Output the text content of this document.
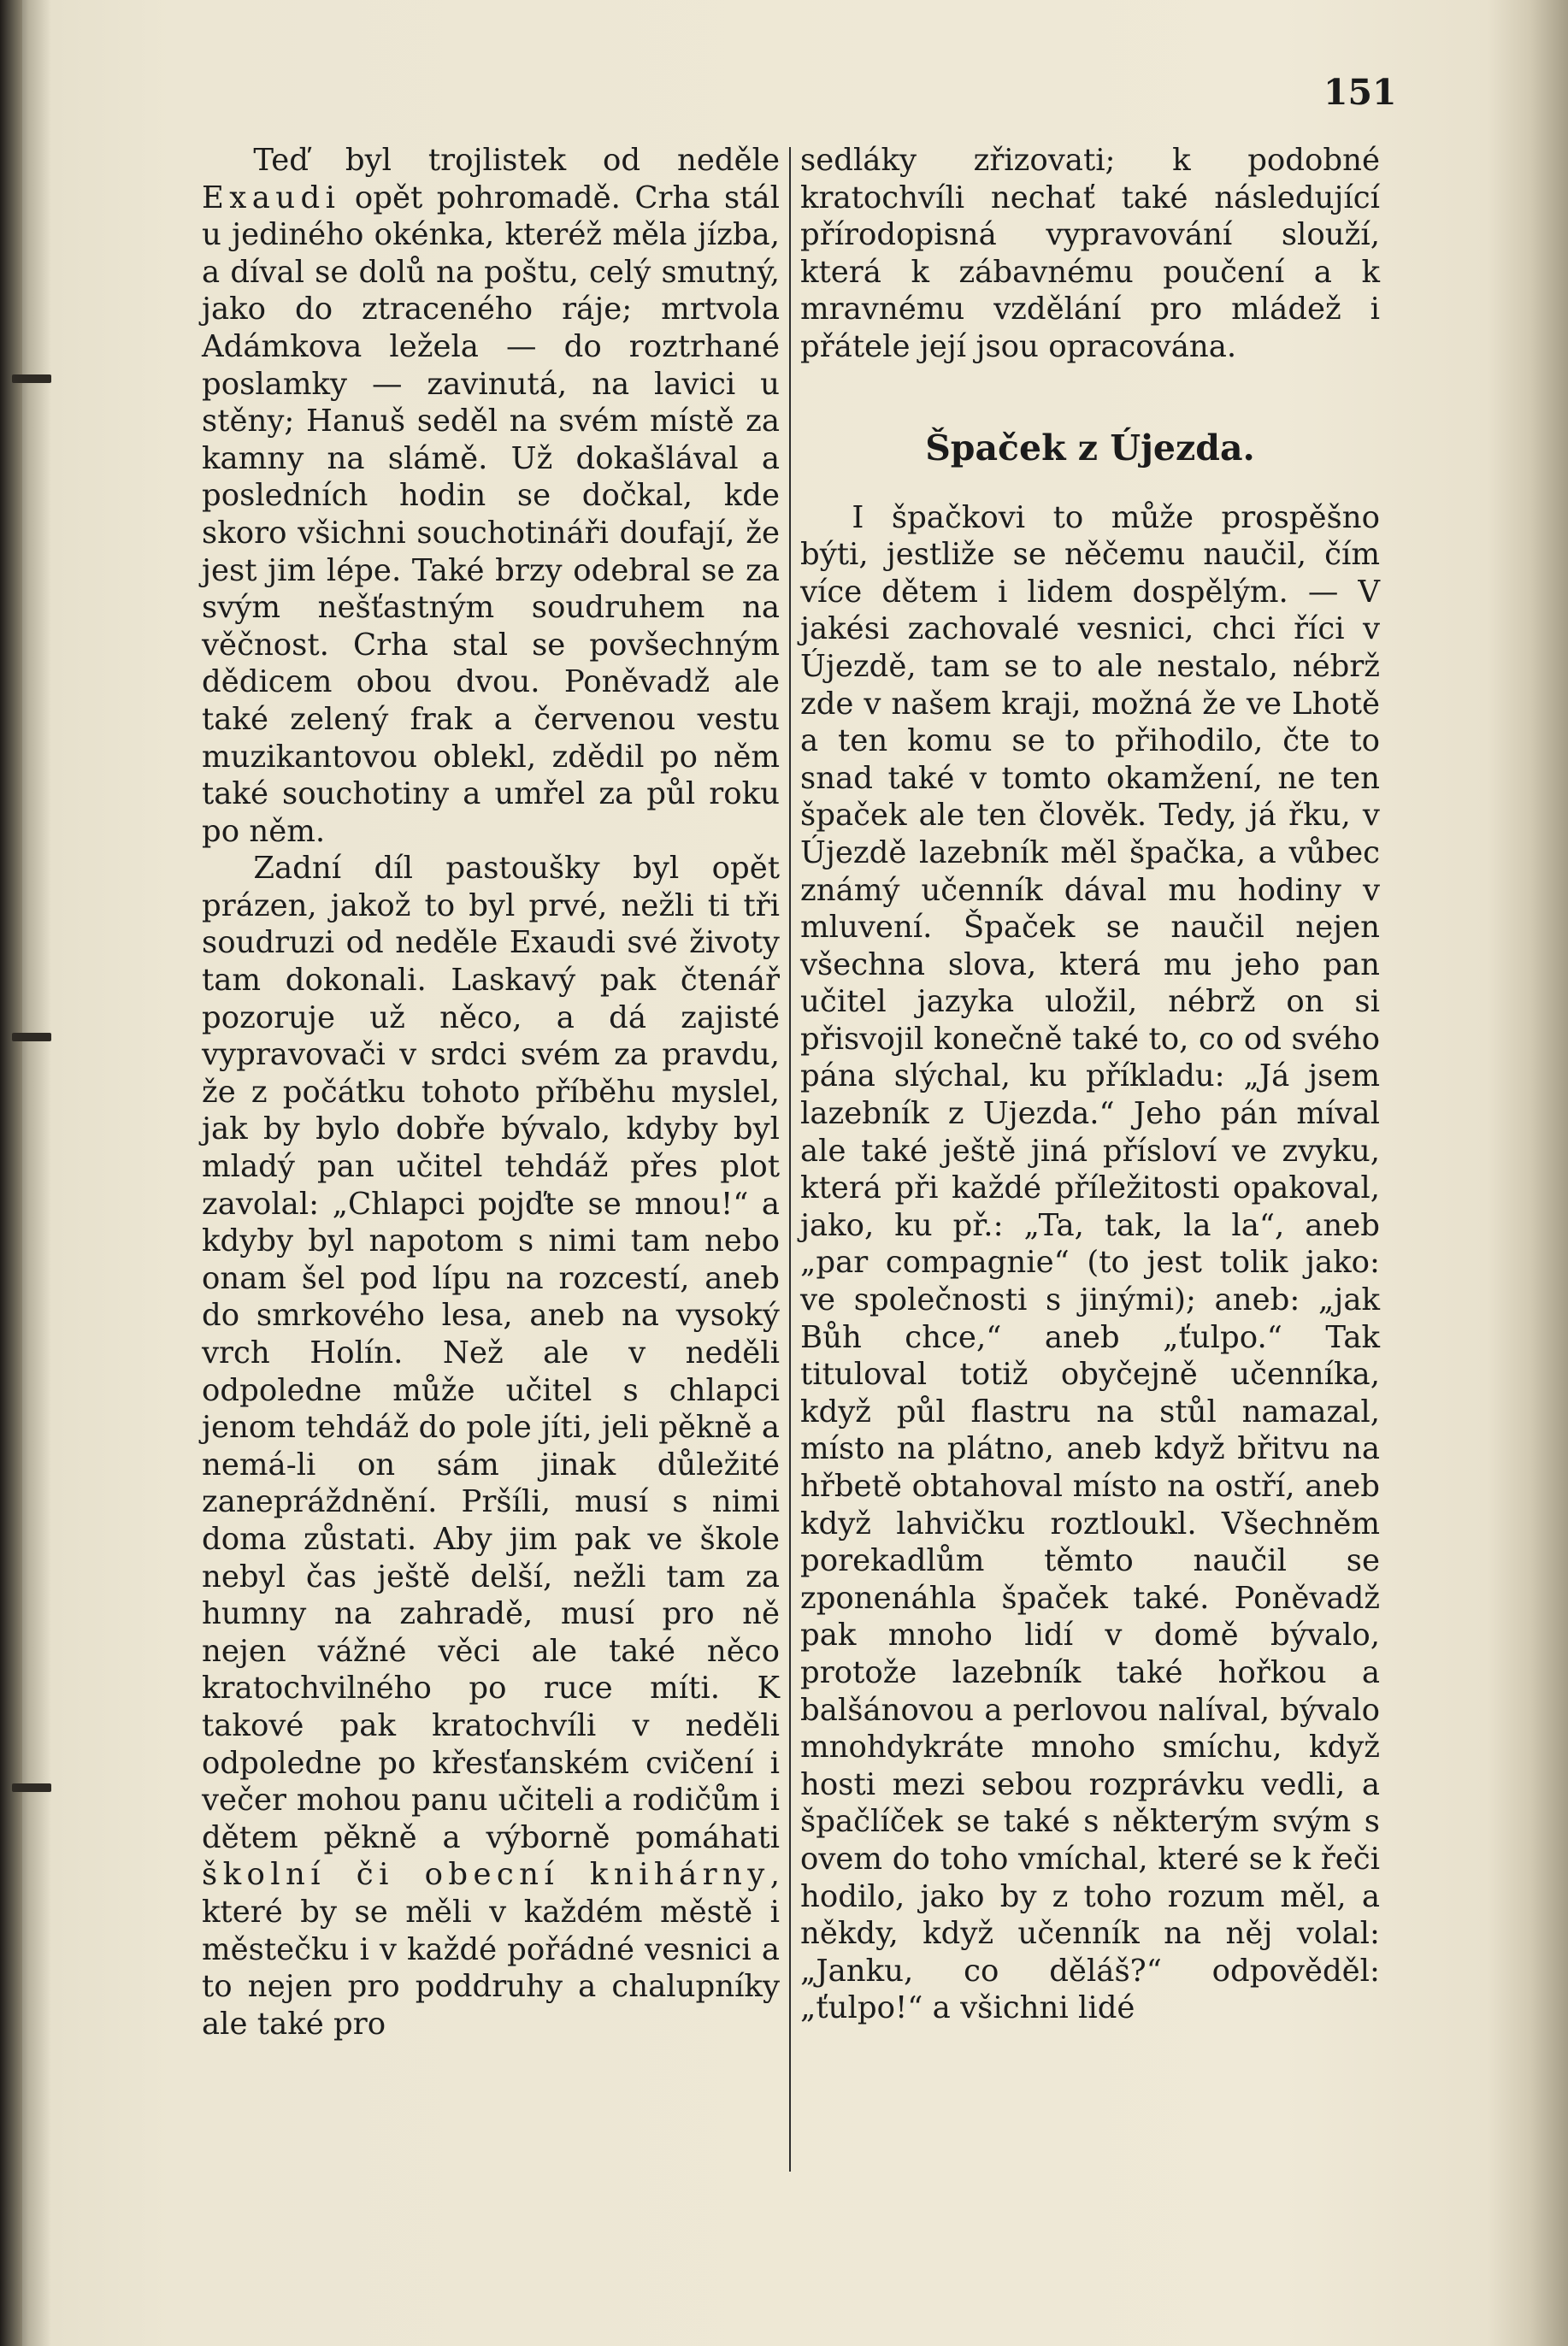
151

Teď byl trojlistek od neděle Exaudi opět pohromadě. Crha stál u jediného okénka, kteréž měla jízba, a díval se dolů na poštu, celý smutný, jako do ztraceného ráje; mrtvola Adámkova ležela — do roztrhané poslamky — zavinutá, na lavici u stěny; Hanuš seděl na svém místě za kamny na slámě. Už dokašlával a posledních hodin se dočkal, kde skoro všichni souchotináři doufají, že jest jim lépe. Také brzy odebral se za svým nešťastným soudruhem na věčnost. Crha stal se povšechným dědicem obou dvou. Poněvadž ale také zelený frak a červenou vestu muzikantovou oblekl, zdědil po něm také souchotiny a umřel za půl roku po něm.

Zadní díl pastoušky byl opět prázen, jakož to byl prvé, nežli ti tři soudruzi od neděle Exaudi své životy tam dokonali. Laskavý pak čtenář pozoruje už něco, a dá zajisté vypravovači v srdci svém za pravdu, že z počátku tohoto příběhu myslel, jak by bylo dobře bývalo, kdyby byl mladý pan učitel tehdáž přes plot zavolal: „Chlapci pojďte se mnou!“ a kdyby byl napotom s nimi tam nebo onam šel pod lípu na rozcestí, aneb do smrkového lesa, aneb na vysoký vrch Holín. Než ale v neděli odpoledne může učitel s chlapci jenom tehdáž do pole jíti, jeli pěkně a nemá-li on sám jinak důležité zanepráždnění. Pršíli, musí s nimi doma zůstati. Aby jim pak ve škole nebyl čas ještě delší, nežli tam za humny na zahradě, musí pro ně nejen vážné věci ale také něco kratochvilného po ruce míti. K takové pak kratochvíli v neděli odpoledne po křesťanském cvičení i večer mohou panu učiteli a rodičům i dětem pěkně a výborně pomáhati školní či obecní knihárny, které by se měli v každém městě i městečku i v každé pořádné vesnici a to nejen pro poddruhy a chalupníky ale také pro

sedláky zřizovati; k podobné kratochvíli nechať také následující přírodopisná vypravování slouží, která k zábavnému poučení a k mravnému vzdělání pro mládež i přátele její jsou opracována.

Špaček z Újezda.

I špačkovi to může prospěšno býti, jestliže se něčemu naučil, čím více dětem i lidem dospělým. — V jakési zachovalé vesnici, chci říci v Újezdě, tam se to ale nestalo, nébrž zde v našem kraji, možná že ve Lhotě a ten komu se to přihodilo, čte to snad také v tomto okamžení, ne ten špaček ale ten člověk. Tedy, já řku, v Újezdě lazebník měl špačka, a vůbec známý učenník dával mu hodiny v mluvení. Špaček se naučil nejen všechna slova, která mu jeho pan učitel jazyka uložil, nébrž on si přisvojil konečně také to, co od svého pána slýchal, ku příkladu: „Já jsem lazebník z Ujezda.“ Jeho pán míval ale také ještě jiná přísloví ve zvyku, která při každé příležitosti opakoval, jako, ku př.: „Ta, tak, la la“, aneb „par compagnie“ (to jest tolik jako: ve společnosti s jinými); aneb: „jak Bůh chce,“ aneb „ťulpo.“ Tak tituloval totiž obyčejně učenníka, když půl flastru na stůl namazal, místo na plátno, aneb když břitvu na hřbetě obtahoval místo na ostří, aneb když lahvičku roztloukl. Všechněm porekadlům těmto naučil se zponenáhla špaček také. Poněvadž pak mnoho lidí v domě bývalo, protože lazebník také hořkou a balšánovou a perlovou nalíval, bývalo mnohdykráte mnoho smíchu, když hosti mezi sebou rozprávku vedli, a špačlíček se také s některým svým s ovem do toho vmíchal, které se k řeči hodilo, jako by z toho rozum měl, a někdy, když učenník na něj volal: „Janku, co děláš?“ odpověděl: „ťulpo!“ a všichni lidé
